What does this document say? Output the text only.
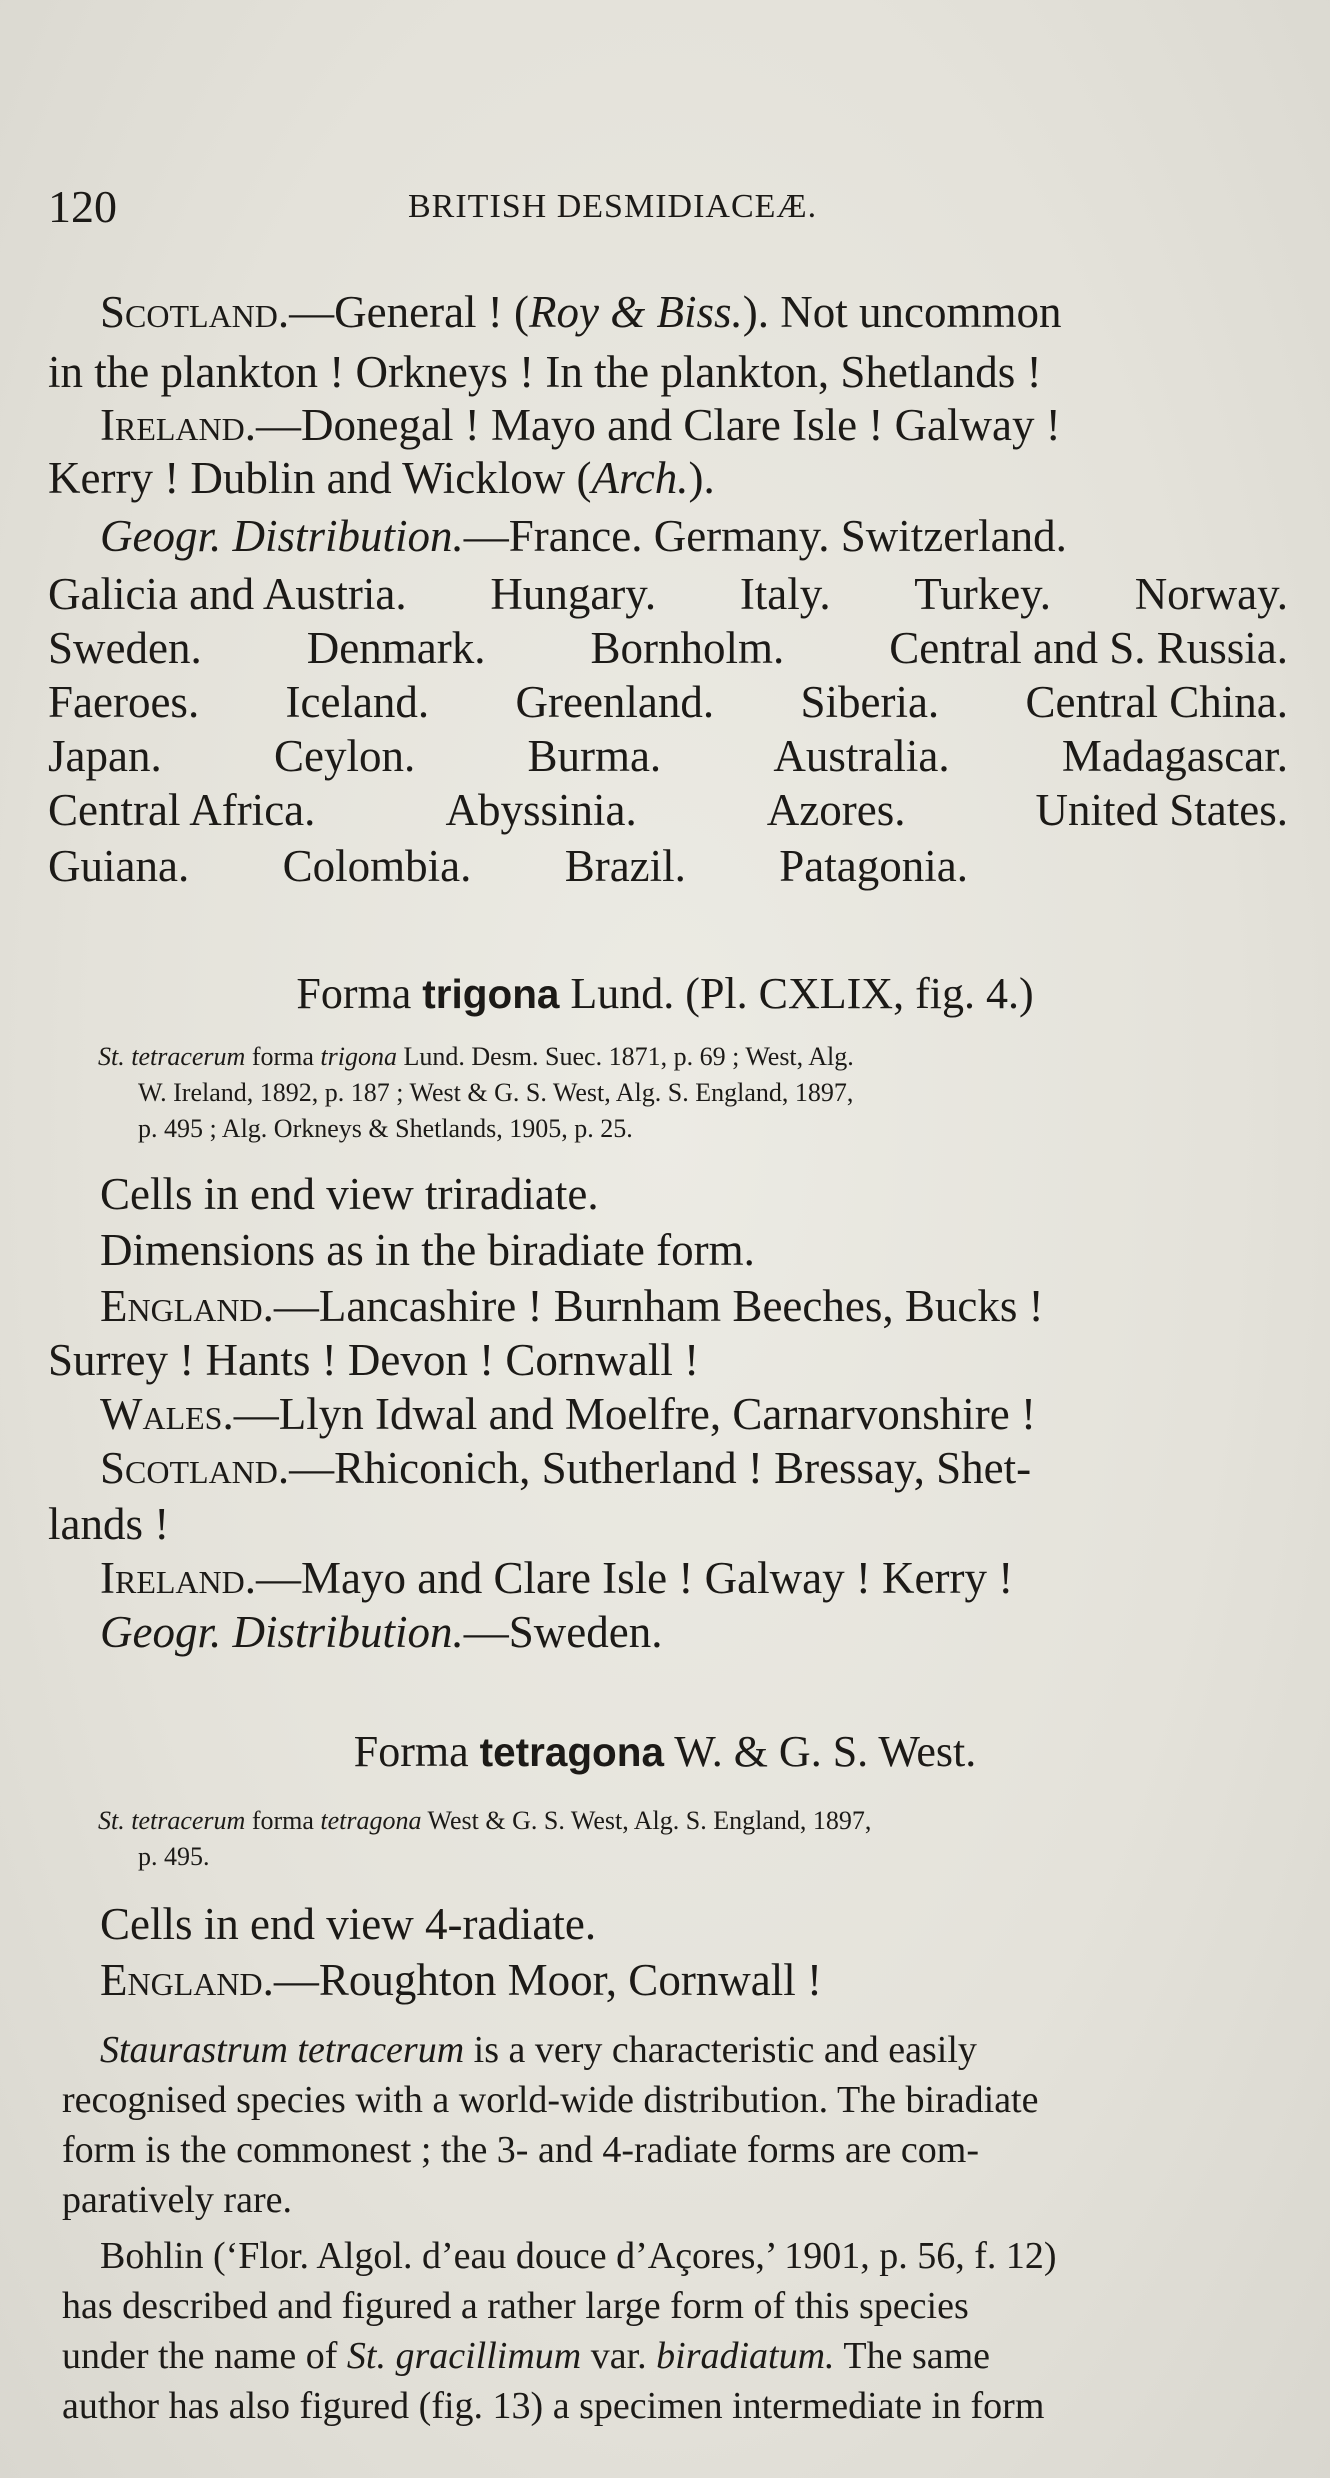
120	BRITISH DESMIDIACEÆ.
Scotland.—General ! (Roy & Biss.). Not uncommon
in the plankton ! Orkneys ! In the plankton, Shetlands !
Ireland.—Donegal ! Mayo and Clare Isle ! Galway !
Kerry ! Dublin and Wicklow (Arch.).
Geogr. Distribution.—France. Germany. Switzerland.
Galicia and Austria. Hungary. Italy. Turkey. Norway.
Sweden. Denmark. Bornholm. Central and S. Russia.
Faeroes. Iceland. Greenland. Siberia. Central China.
Japan. Ceylon. Burma. Australia. Madagascar.
Central Africa.	Abyssinia.	Azores.	United States.
Guiana. Colombia. Brazil. Patagonia.
Forma trigona Lund. (Pl. CXLIX, fig. 4.)
St. tetracerum forma trigona Lund. Desm. Suec. 1871, p. 69 ; West, Alg.
W. Ireland, 1892, p. 187 ; West & G. S. West, Alg. S. England, 1897,
p. 495 ; Alg. Orkneys & Shetlands, 1905, p. 25.
Cells in end view triradiate.
Dimensions as in the biradiate form.
England.—Lancashire ! Burnham Beeches, Bucks !
Surrey ! Hants ! Devon ! Cornwall !
Wales.—Llyn Idwal and Moelfre, Carnarvonshire !
Scotland.—Rhiconich, Sutherland ! Bressay, Shet-
lands !
Ireland.—Mayo and Clare Isle ! Galway ! Kerry !
Geogr. Distribution.—Sweden.
Forma tetragona W. & G. S. West.
St. tetracerum forma tetragona West & G. S. West, Alg. S. England, 1897,
p. 495.
Cells in end view 4-radiate.
England.—Roughton Moor, Cornwall !
Staurastrum tetracerum is a very characteristic and easily
recognised species with a world-wide distribution. The biradiate
form is the commonest ; the 3- and 4-radiate forms are com-
paratively rare.
Bohlin (‘Flor. Algol. d’eau douce d’Açores,’ 1901, p. 56, f. 12)
has described and figured a rather large form of this species
under the name of St. gracillimum var. biradiatum. The same
author has also figured (fig. 13) a specimen intermediate in form
